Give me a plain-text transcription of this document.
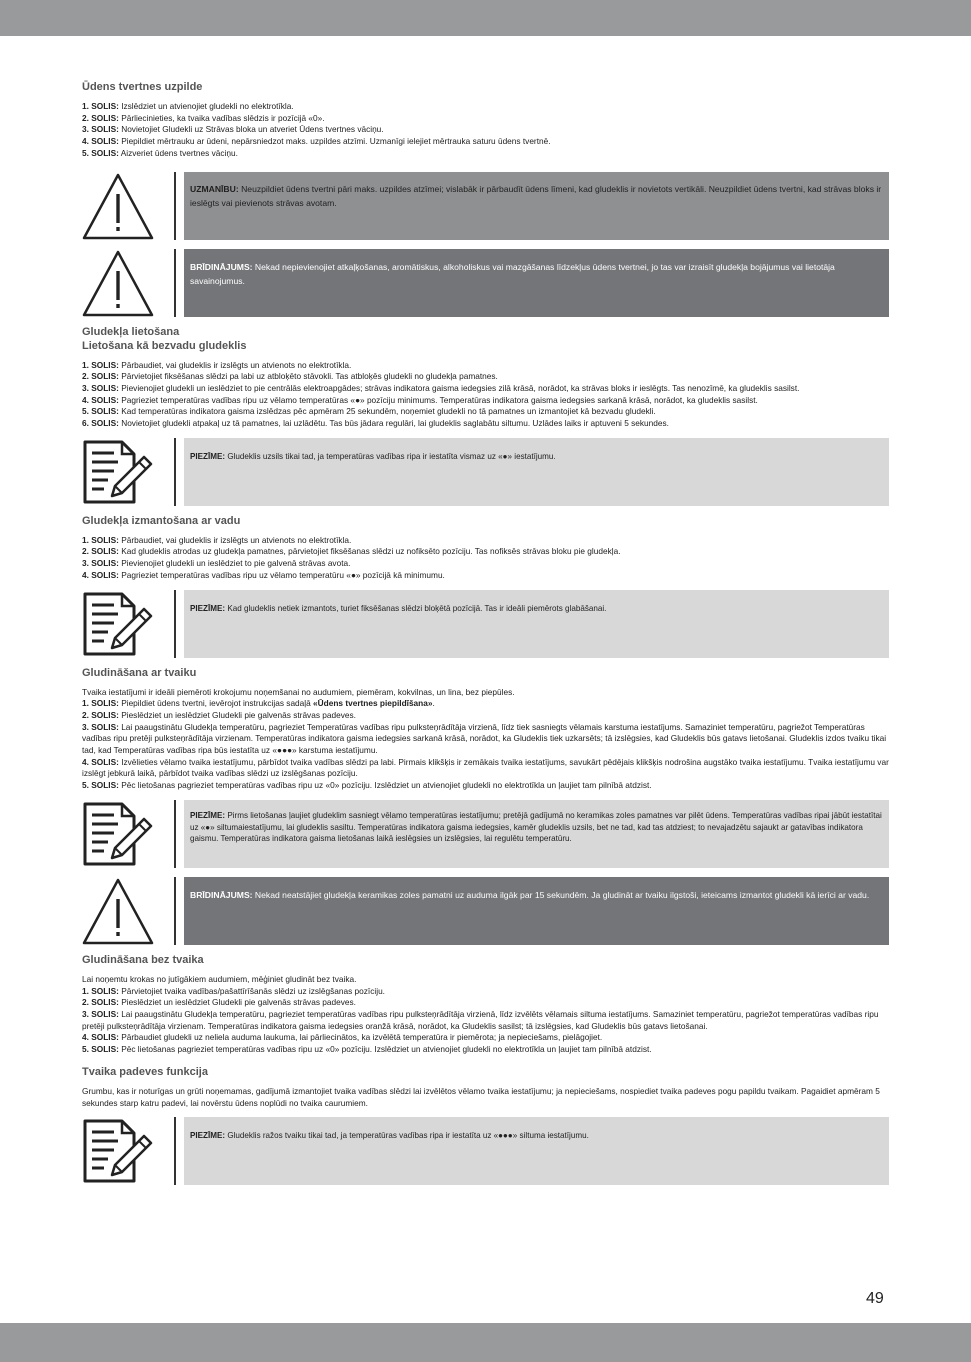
Ūdens tvertnes uzpilde
1. SOLIS: Izslēdziet un atvienojiet gludekli no elektrotīkla.
2. SOLIS: Pārliecinieties, ka tvaika vadības slēdzis ir pozīcijā «0».
3. SOLIS: Novietojiet Gludekli uz Strāvas bloka un atveriet Ūdens tvertnes vāciņu.
4. SOLIS: Piepildiet mērtrauku ar ūdeni, nepārsniedzot maks. uzpildes atzīmi. Uzmanīgi ielejiet mērtrauka saturu ūdens tvertnē.
5. SOLIS: Aizveriet ūdens tvertnes vāciņu.
UZMANĪBU: Neuzpildiet ūdens tvertni pāri maks. uzpildes atzīmei; vislabāk ir pārbaudīt ūdens līmeni, kad gludeklis ir novietots vertikāli. Neuzpildiet ūdens tvertni, kad strāvas bloks ir ieslēgts vai pievienots strāvas avotam.
BRĪDINĀJUMS: Nekad nepievienojiet atkaļķošanas, aromātiskus, alkoholiskus vai mazgāšanas līdzekļus ūdens tvertnei, jo tas var izraisīt gludekļa bojājumus vai lietotāja savainojumus.
Gludekļa lietošana
Lietošana kā bezvadu gludeklis
1. SOLIS: Pārbaudiet, vai gludeklis ir izslēgts un atvienots no elektrotīkla.
2. SOLIS: Pārvietojiet fiksēšanas slēdzi pa labi uz atbloķēto stāvokli. Tas atbloķēs gludekli no gludekļa pamatnes.
3. SOLIS: Pievienojiet gludekli un ieslēdziet to pie centrālās elektroapgādes; strāvas indikatora gaisma iedegsies zilā krāsā, norādot, ka strāvas bloks ir ieslēgts. Tas nenozīmē, ka gludeklis sasilst.
4. SOLIS: Pagrieziet temperatūras vadības ripu uz vēlamo temperatūras «●» pozīciju minimums. Temperatūras indikatora gaisma iedegsies sarkanā krāsā, norādot, ka gludeklis sasilst.
5. SOLIS: Kad temperatūras indikatora gaisma izslēdzas pēc apmēram 25 sekundēm, noņemiet gludekli no tā pamatnes un izmantojiet kā bezvadu gludekli.
6. SOLIS: Novietojiet gludekli atpakaļ uz tā pamatnes, lai uzlādētu. Tas būs jādara regulāri, lai gludeklis saglabātu siltumu. Uzlādes laiks ir aptuveni 5 sekundes.
PIEZĪME: Gludeklis uzsils tikai tad, ja temperatūras vadības ripa ir iestatīta vismaz uz «●» iestatījumu.
Gludekļa izmantošana ar vadu
1. SOLIS: Pārbaudiet, vai gludeklis ir izslēgts un atvienots no elektrotīkla.
2. SOLIS: Kad gludeklis atrodas uz gludekļa pamatnes, pārvietojiet fiksēšanas slēdzi uz nofiksēto pozīciju. Tas nofiksēs strāvas bloku pie gludekļa.
3. SOLIS: Pievienojiet gludekli un ieslēdziet to pie galvenā strāvas avota.
4. SOLIS: Pagrieziet temperatūras vadības ripu uz vēlamo temperatūru «●» pozīcijā kā minimumu.
PIEZĪME: Kad gludeklis netiek izmantots, turiet fiksēšanas slēdzi bloķētā pozīcijā. Tas ir ideāli piemērots glabāšanai.
Gludināšana ar tvaiku
Tvaika iestatījumi ir ideāli piemēroti krokojumu noņemšanai no audumiem, piemēram, kokvilnas, un lina, bez piepūles.
1. SOLIS: Piepildiet ūdens tvertni, ievērojot instrukcijas sadaļā «Ūdens tvertnes piepildīšana».
2. SOLIS: Pieslēdziet un ieslēdziet Gludekli pie galvenās strāvas padeves.
3. SOLIS: Lai paaugstinātu Gludekļa temperatūru, pagrieziet Temperatūras vadības ripu pulksteņrādītāja virzienā, līdz tiek sasniegts vēlamais karstuma iestatījums. Samaziniet temperatūru, pagriežot Temperatūras vadības ripu pretēji pulksteņrādītāja virzienam. Temperatūras indikatora gaisma iedegsies sarkanā krāsā, norādot, ka Gludeklis tiek uzkarsēts; tā izslēgsies, kad Gludeklis būs gatavs lietošanai. Gludeklis izdos tvaiku tikai tad, kad Temperatūras vadības ripa būs iestatīta uz «●●●» karstuma iestatījumu.
4. SOLIS: Izvēlieties vēlamo tvaika iestatījumu, pārbīdot tvaika vadības slēdzi pa labi. Pirmais klikšķis ir zemākais tvaika iestatījums, savukārt pēdējais klikšķis nodrošina augstāko tvaika iestatījumu. Tvaika iestatījumu var izslēgt jebkurā laikā, pārbīdot tvaika vadības slēdzi uz izslēgšanas pozīciju.
5. SOLIS: Pēc lietošanas pagrieziet temperatūras vadības ripu uz «0» pozīciju. Izslēdziet un atvienojiet gludekli no elektrotīkla un ļaujiet tam pilnībā atdzist.
PIEZĪME: Pirms lietošanas ļaujiet gludeklim sasniegt vēlamo temperatūras iestatījumu; pretējā gadījumā no keramikas zoles pamatnes var pilēt ūdens. Temperatūras vadības ripai jābūt iestatītai uz «●» siltumaiestatījumu, lai gludeklis sasiltu. Temperatūras indikatora gaisma iedegsies, kamēr gludeklis uzsils, bet ne tad, kad tas atdziest; to nevajadzētu sajaukt ar gatavības indikatora gaismu. Temperatūras indikatora gaisma lietošanas laikā ieslēgsies un izslēgsies, lai regulētu temperatūru.
BRĪDINĀJUMS: Nekad neatstājiet gludekļa keramikas zoles pamatni uz auduma ilgāk par 15 sekundēm. Ja gludināt ar tvaiku ilgstoši, ieteicams izmantot gludekli kā ierīci ar vadu.
Gludināšana bez tvaika
Lai noņemtu krokas no jutīgākiem audumiem, mēģiniet gludināt bez tvaika.
1. SOLIS: Pārvietojiet tvaika vadības/pašattīrīšanās slēdzi uz izslēgšanas pozīciju.
2. SOLIS: Pieslēdziet un ieslēdziet Gludekli pie galvenās strāvas padeves.
3. SOLIS: Lai paaugstinātu Gludekļa temperatūru, pagrieziet temperatūras vadības ripu pulksteņrādītāja virzienā, līdz izvēlēts vēlamais siltuma iestatījums. Samaziniet temperatūru, pagriežot temperatūras vadības ripu pretēji pulksteņrādītāja virzienam. Temperatūras indikatora gaisma iedegsies oranžā krāsā, norādot, ka Gludeklis sasilst; tā izslēgsies, kad Gludeklis būs gatavs lietošanai.
4. SOLIS: Pārbaudiet gludekli uz neliela auduma laukuma, lai pārliecinātos, ka izvēlētā temperatūra ir piemērota; ja nepieciešams, pielāgojiet.
5. SOLIS: Pēc lietošanas pagrieziet temperatūras vadības ripu uz «0» pozīciju. Izslēdziet un atvienojiet gludekli no elektrotīkla un ļaujiet tam pilnībā atdzist.
Tvaika padeves funkcija
Grumbu, kas ir noturīgas un grūti noņemamas, gadījumā izmantojiet tvaika vadības slēdzi lai izvēlētos vēlamo tvaika iestatījumu; ja nepieciešams, nospiediet tvaika padeves pogu papildu tvaikam. Pagaidiet apmēram 5 sekundes starp katru padevi, lai novērstu ūdens noplūdi no tvaika caurumiem.
PIEZĪME: Gludeklis ražos tvaiku tikai tad, ja temperatūras vadības ripa ir iestatīta uz «●●●» siltuma iestatījumu.
49
